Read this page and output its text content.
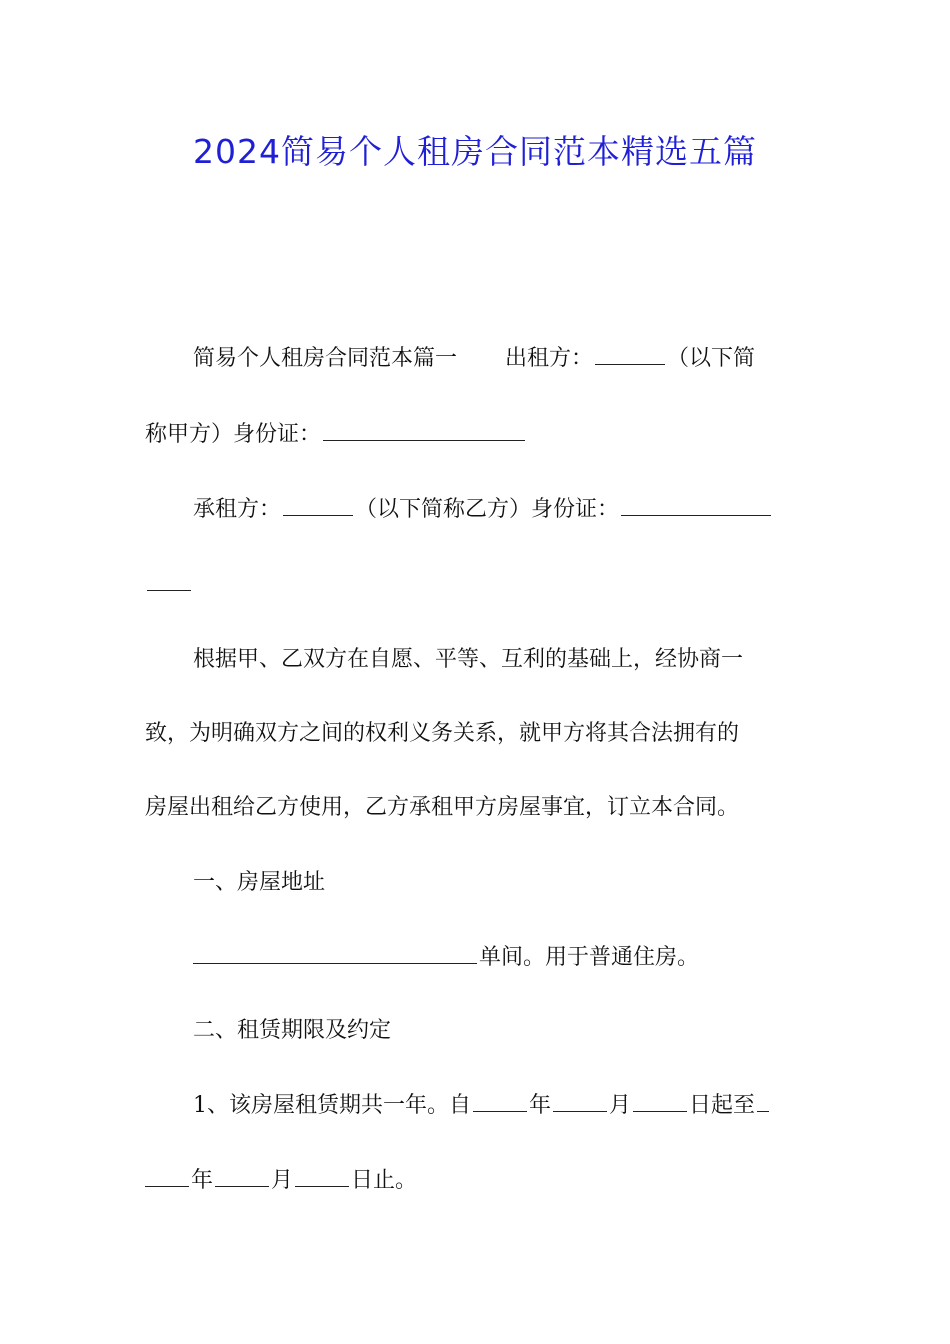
2024简易个人租房合同范本精选五篇
简易个人租房合同范本篇一 出租方：	（以下简
称甲方）身份证：
承租方：	（以下简称乙方）身份证：
根据甲、乙双方在自愿、平等、互利的基础上，经协商一
致，为明确双方之间的权利义务关系，就甲方将其合法拥有的
房屋出租给乙方使用，乙方承租甲方房屋事宜，订立本合同。
一、房屋地址
单间。用于普通住房。
二、租赁期限及约定
1、该房屋租赁期共一年。自	年	月	日起至
年	月	日止。
